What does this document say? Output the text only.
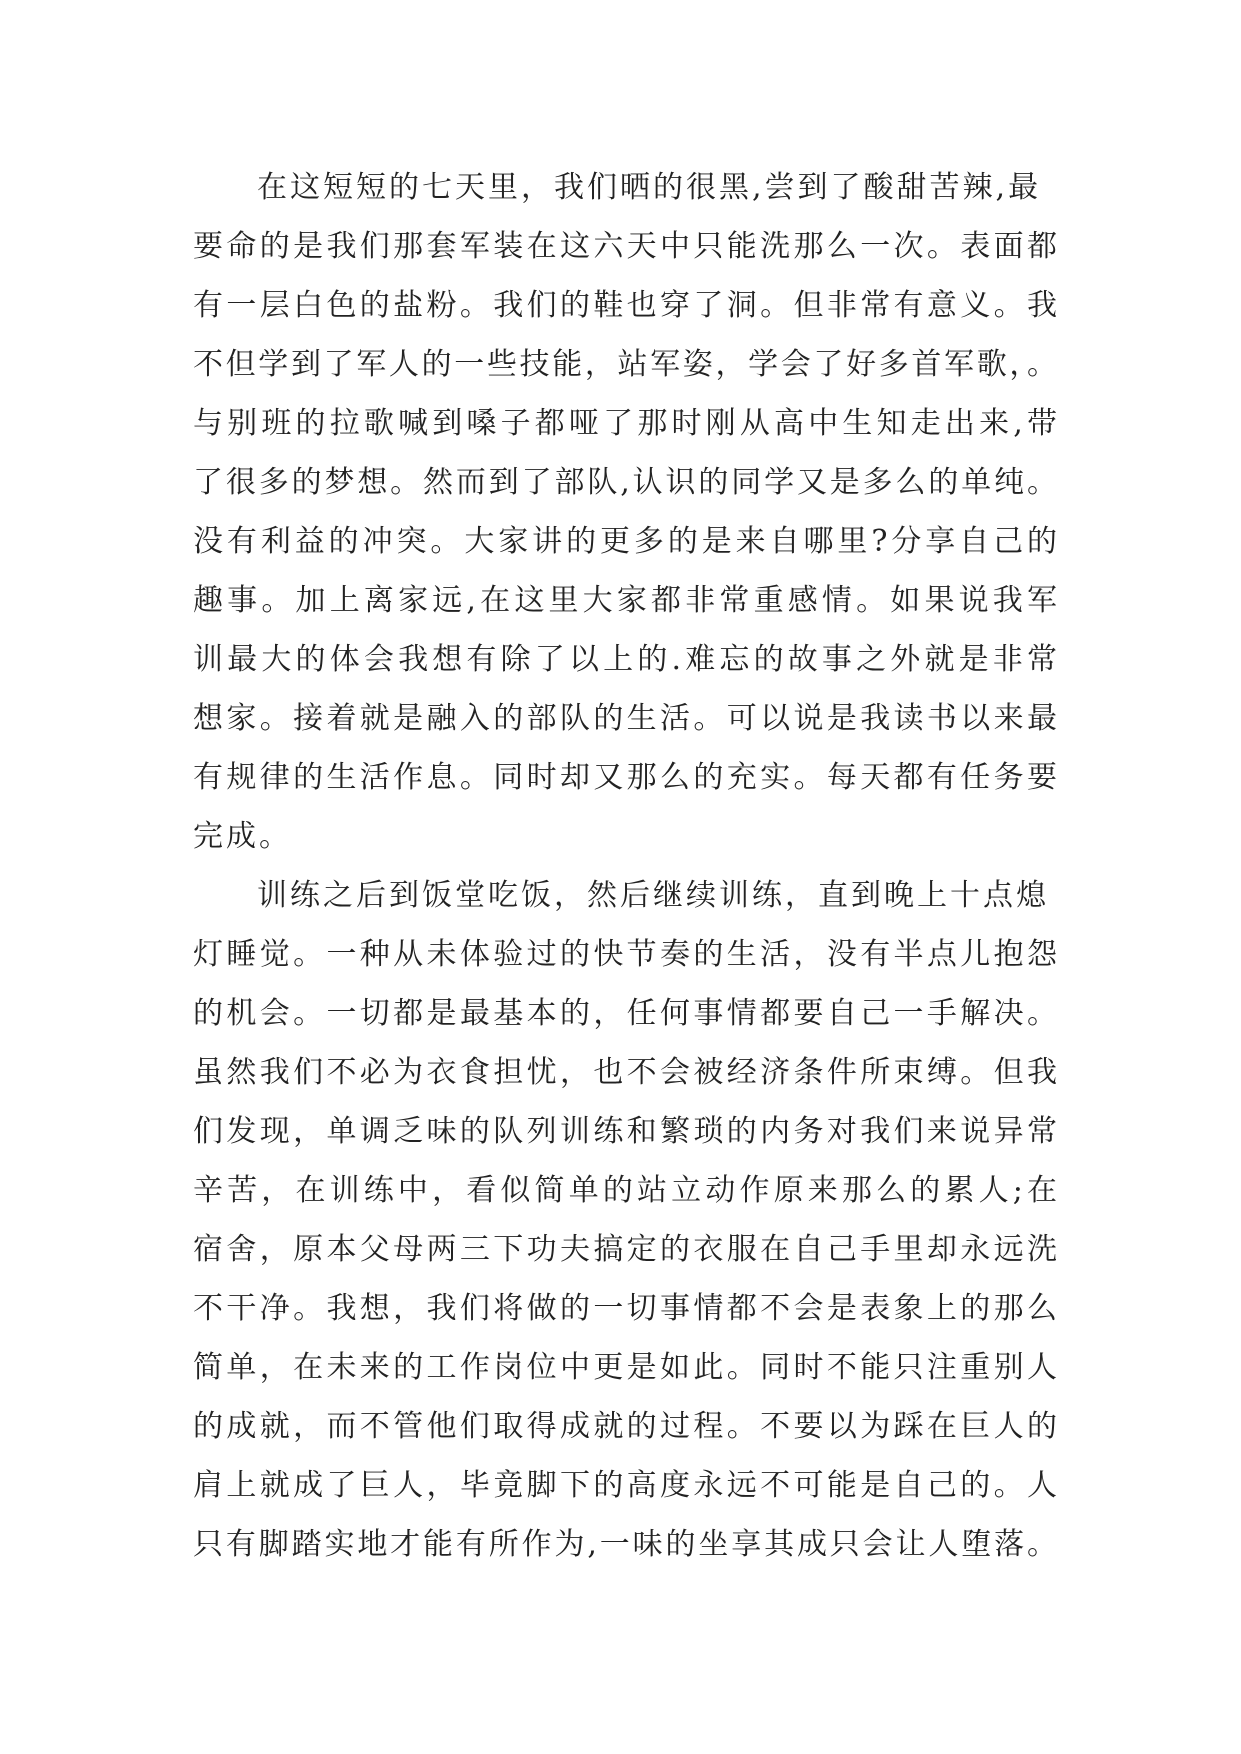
在这短短的七天里，我们晒的很黑,尝到了酸甜苦辣,最
要命的是我们那套军装在这六天中只能洗那么一次。表面都
有一层白色的盐粉。我们的鞋也穿了洞。但非常有意义。我
不但学到了军人的一些技能，站军姿，学会了好多首军歌，。
与别班的拉歌喊到嗓子都哑了那时刚从高中生知走出来,带
了很多的梦想。然而到了部队,认识的同学又是多么的单纯。
没有利益的冲突。大家讲的更多的是来自哪里?分享自己的
趣事。加上离家远,在这里大家都非常重感情。如果说我军
训最大的体会我想有除了以上的.难忘的故事之外就是非常
想家。接着就是融入的部队的生活。可以说是我读书以来最
有规律的生活作息。同时却又那么的充实。每天都有任务要
完成。
训练之后到饭堂吃饭，然后继续训练，直到晚上十点熄
灯睡觉。一种从未体验过的快节奏的生活，没有半点儿抱怨
的机会。一切都是最基本的，任何事情都要自己一手解决。
虽然我们不必为衣食担忧，也不会被经济条件所束缚。但我
们发现，单调乏味的队列训练和繁琐的内务对我们来说异常
辛苦，在训练中，看似简单的站立动作原来那么的累人;在
宿舍，原本父母两三下功夫搞定的衣服在自己手里却永远洗
不干净。我想，我们将做的一切事情都不会是表象上的那么
简单，在未来的工作岗位中更是如此。同时不能只注重别人
的成就，而不管他们取得成就的过程。不要以为踩在巨人的
肩上就成了巨人，毕竟脚下的高度永远不可能是自己的。人
只有脚踏实地才能有所作为,一味的坐享其成只会让人堕落。
